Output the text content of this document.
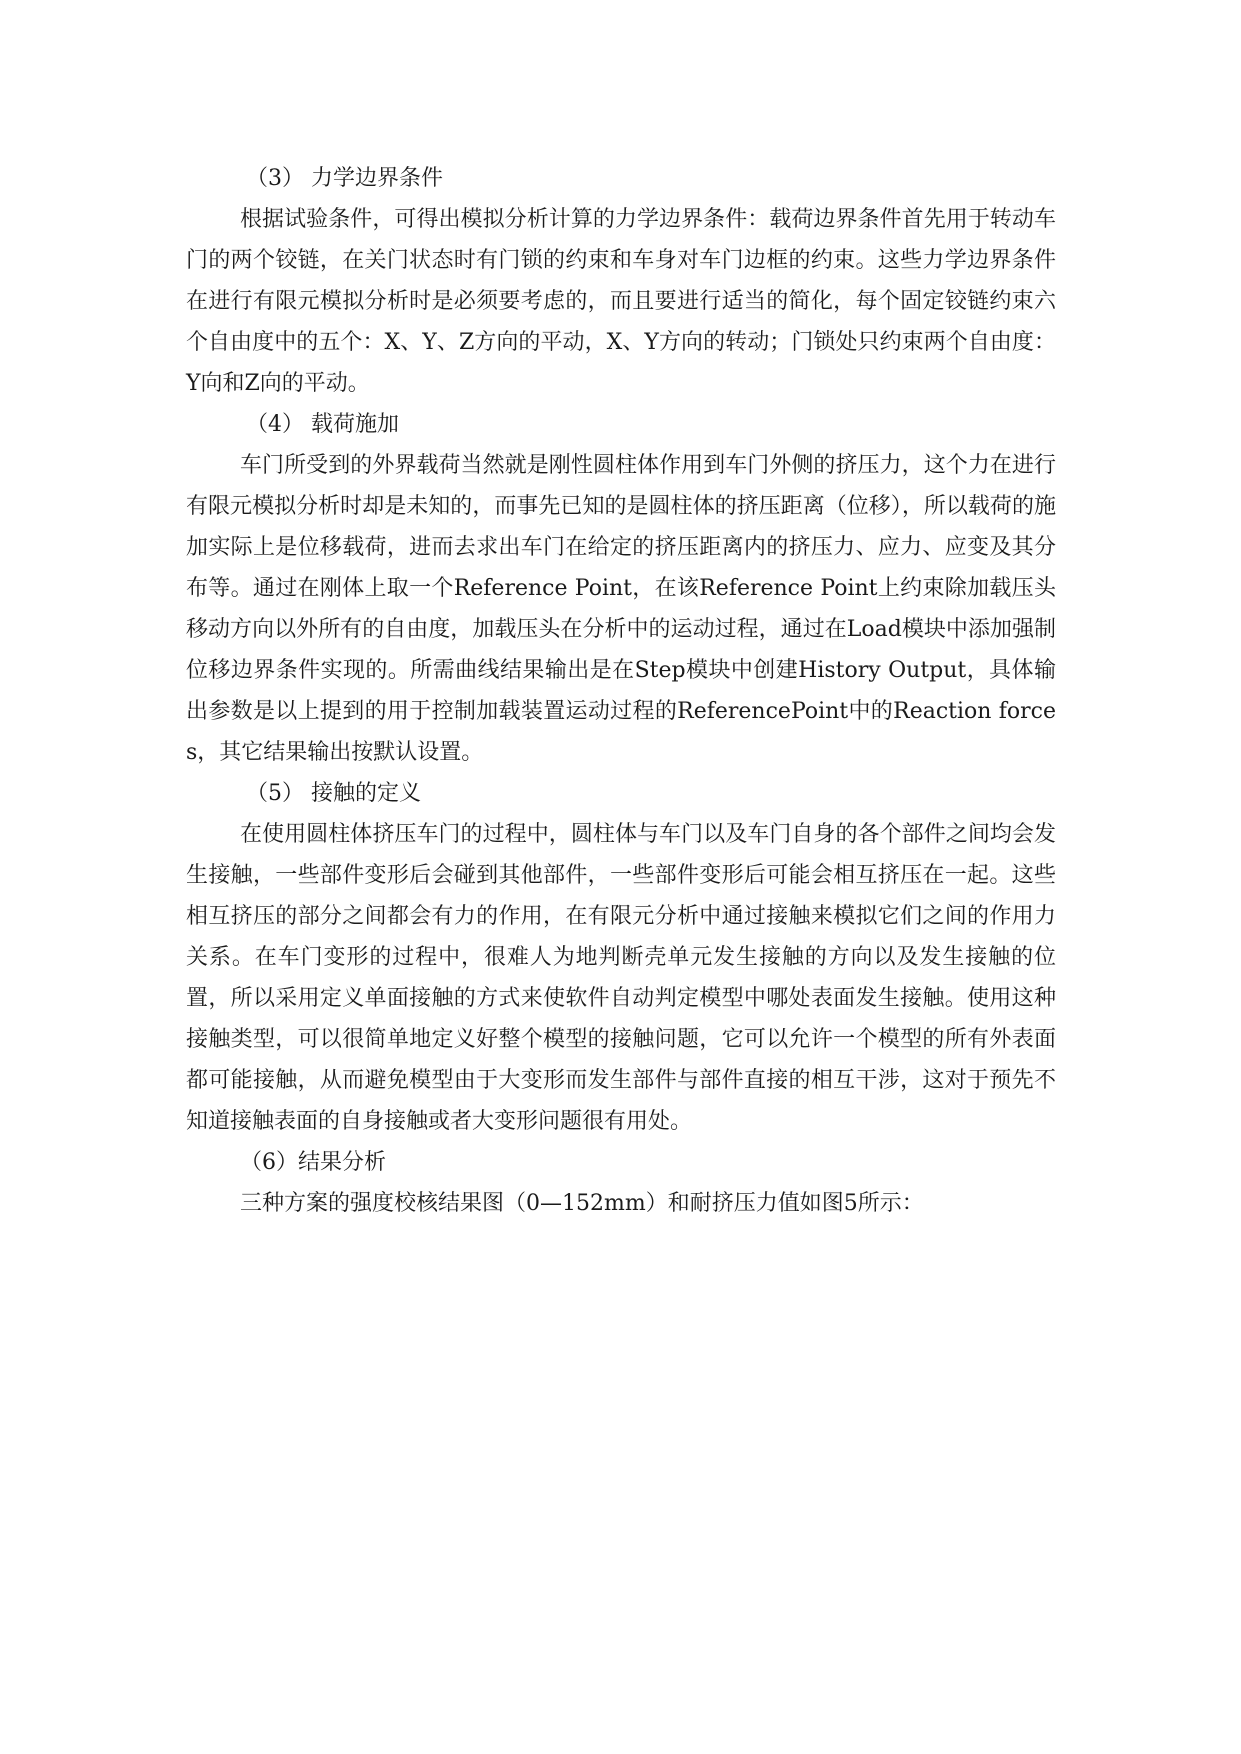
（3） 力学边界条件

根据试验条件，可得出模拟分析计算的力学边界条件：载荷边界条件首先用于转动车门的两个铰链，在关门状态时有门锁的约束和车身对车门边框的约束。这些力学边界条件在进行有限元模拟分析时是必须要考虑的，而且要进行适当的简化，每个固定铰链约束六个自由度中的五个：X、Y、Z方向的平动，X、Y方向的转动；门锁处只约束两个自由度：Y向和Z向的平动。

（4） 载荷施加

车门所受到的外界载荷当然就是刚性圆柱体作用到车门外侧的挤压力，这个力在进行有限元模拟分析时却是未知的，而事先已知的是圆柱体的挤压距离（位移），所以载荷的施加实际上是位移载荷，进而去求出车门在给定的挤压距离内的挤压力、应力、应变及其分布等。通过在刚体上取一个Reference Point，在该Reference Point上约束除加载压头移动方向以外所有的自由度，加载压头在分析中的运动过程，通过在Load模块中添加强制位移边界条件实现的。所需曲线结果输出是在Step模块中创建History Output，具体输出参数是以上提到的用于控制加载装置运动过程的ReferencePoint中的Reaction forces，其它结果输出按默认设置。

（5） 接触的定义

在使用圆柱体挤压车门的过程中，圆柱体与车门以及车门自身的各个部件之间均会发生接触，一些部件变形后会碰到其他部件，一些部件变形后可能会相互挤压在一起。这些相互挤压的部分之间都会有力的作用，在有限元分析中通过接触来模拟它们之间的作用力关系。在车门变形的过程中，很难人为地判断壳单元发生接触的方向以及发生接触的位置，所以采用定义单面接触的方式来使软件自动判定模型中哪处表面发生接触。使用这种接触类型，可以很简单地定义好整个模型的接触问题，它可以允许一个模型的所有外表面都可能接触，从而避免模型由于大变形而发生部件与部件直接的相互干涉，这对于预先不知道接触表面的自身接触或者大变形问题很有用处。

（6）结果分析

三种方案的强度校核结果图（0—152mm）和耐挤压力值如图5所示：
